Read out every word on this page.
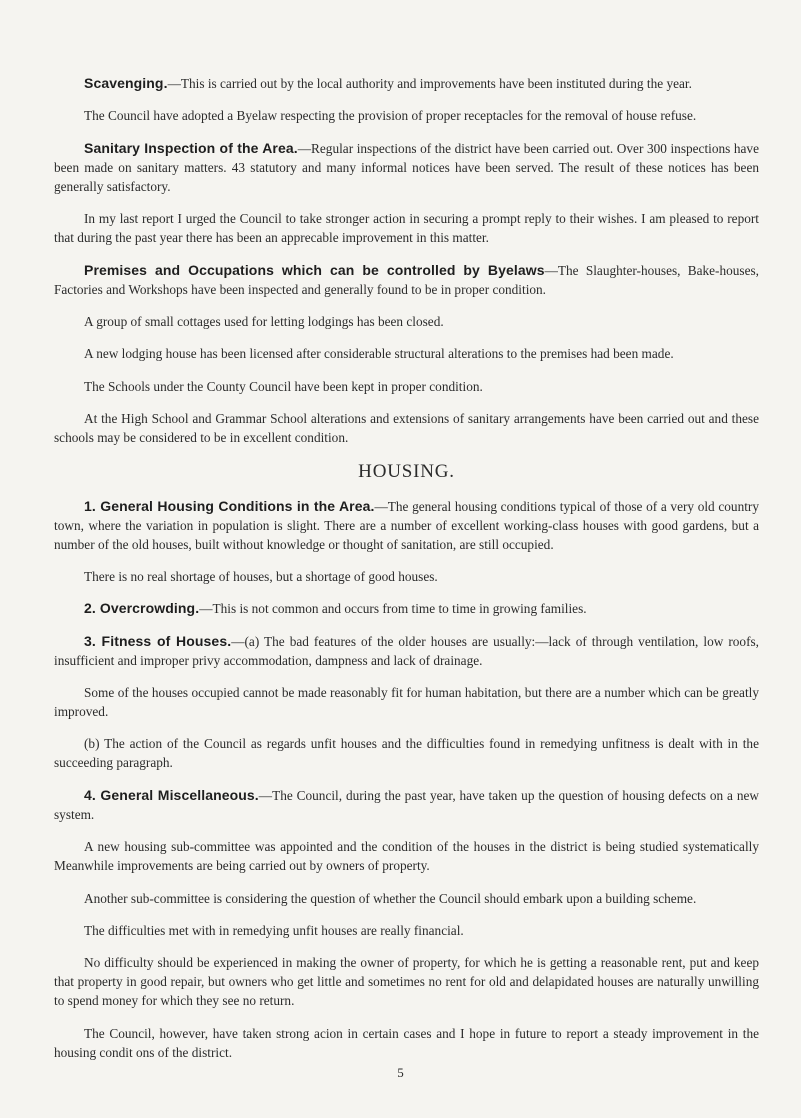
Scavenging.—This is carried out by the local authority and improvements have been instituted during the year.

The Council have adopted a Byelaw respecting the provision of proper receptacles for the removal of house refuse.

Sanitary Inspection of the Area.—Regular inspections of the district have been carried out. Over 300 inspections have been made on sanitary matters. 43 statutory and many informal notices have been served. The result of these notices has been generally satisfactory.

In my last report I urged the Council to take stronger action in securing a prompt reply to their wishes. I am pleased to report that during the past year there has been an apprecable improvement in this matter.

Premises and Occupations which can be controlled by Byelaws—The Slaughter-houses, Bake-houses, Factories and Workshops have been inspected and generally found to be in proper condition.

A group of small cottages used for letting lodgings has been closed.

A new lodging house has been licensed after considerable structural alterations to the premises had been made.

The Schools under the County Council have been kept in proper condition.

At the High School and Grammar School alterations and extensions of sanitary arrangements have been carried out and these schools may be considered to be in excellent condition.

HOUSING.

1. General Housing Conditions in the Area.—The general housing conditions typical of those of a very old country town, where the variation in population is slight. There are a number of excellent working-class houses with good gardens, but a number of the old houses, built without knowledge or thought of sanitation, are still occupied.

There is no real shortage of houses, but a shortage of good houses.

2. Overcrowding.—This is not common and occurs from time to time in growing families.

3. Fitness of Houses.—(a) The bad features of the older houses are usually:—lack of through ventilation, low roofs, insufficient and improper privy accommodation, dampness and lack of drainage.

Some of the houses occupied cannot be made reasonably fit for human habitation, but there are a number which can be greatly improved.

(b) The action of the Council as regards unfit houses and the difficulties found in remedying unfitness is dealt with in the succeeding paragraph.

4. General Miscellaneous.—The Council, during the past year, have taken up the question of housing defects on a new system.

A new housing sub-committee was appointed and the condition of the houses in the district is being studied systematically Meanwhile improvements are being carried out by owners of property.

Another sub-committee is considering the question of whether the Council should embark upon a building scheme.

The difficulties met with in remedying unfit houses are really financial.

No difficulty should be experienced in making the owner of property, for which he is getting a reasonable rent, put and keep that property in good repair, but owners who get little and sometimes no rent for old and delapidated houses are naturally unwilling to spend money for which they see no return.

The Council, however, have taken strong acion in certain cases and I hope in future to report a steady improvement in the housing condit ons of the district.

5
